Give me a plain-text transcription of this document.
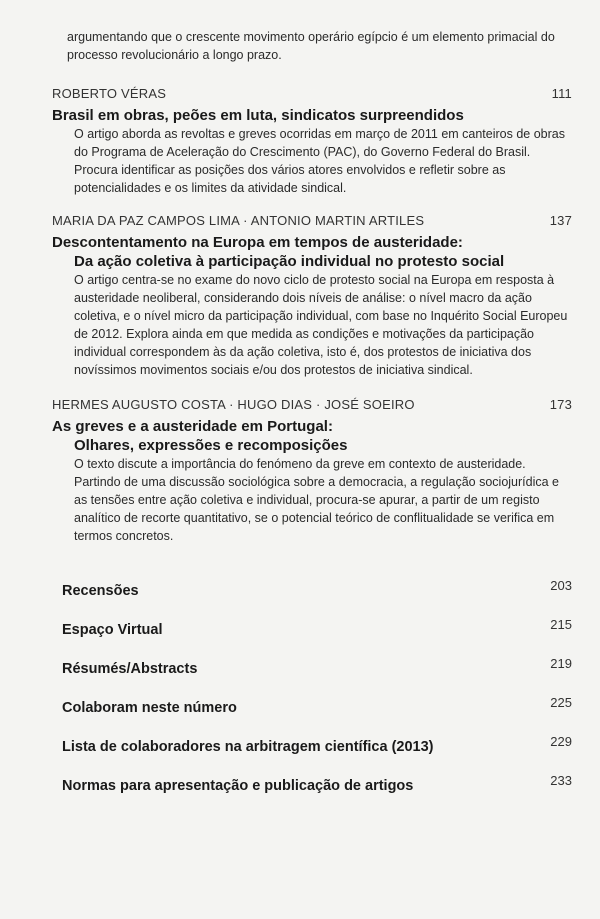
argumentando que o crescente movimento operário egípcio é um elemento primacial do processo revolucionário a longo prazo.
ROBERTO VÉRAS	111
Brasil em obras, peões em luta, sindicatos surpreendidos
O artigo aborda as revoltas e greves ocorridas em março de 2011 em canteiros de obras do Programa de Aceleração do Crescimento (PAC), do Governo Federal do Brasil. Procura identificar as posições dos vários atores envolvidos e refletir sobre as potencialidades e os limites da atividade sindical.
MARIA DA PAZ CAMPOS LIMA · ANTONIO MARTIN ARTILES	137
Descontentamento na Europa em tempos de austeridade:
Da ação coletiva à participação individual no protesto social
O artigo centra-se no exame do novo ciclo de protesto social na Europa em resposta à austeridade neoliberal, considerando dois níveis de análise: o nível macro da ação coletiva, e o nível micro da participação individual, com base no Inquérito Social Europeu de 2012. Explora ainda em que medida as condições e motivações da participação individual correspondem às da ação coletiva, isto é, dos protestos de iniciativa dos novíssimos movimentos sociais e/ou dos protestos de iniciativa sindical.
HERMES AUGUSTO COSTA · HUGO DIAS · JOSÉ SOEIRO	173
As greves e a austeridade em Portugal:
Olhares, expressões e recomposições
O texto discute a importância do fenómeno da greve em contexto de austeridade. Partindo de uma discussão sociológica sobre a democracia, a regulação sociojurídica e as tensões entre ação coletiva e individual, procura-se apurar, a partir de um registo analítico de recorte quantitativo, se o potencial teórico de conflitualidade se verifica em termos concretos.
Recensões	203
Espaço Virtual	215
Résumés/Abstracts	219
Colaboram neste número	225
Lista de colaboradores na arbitragem científica (2013)	229
Normas para apresentação e publicação de artigos	233
